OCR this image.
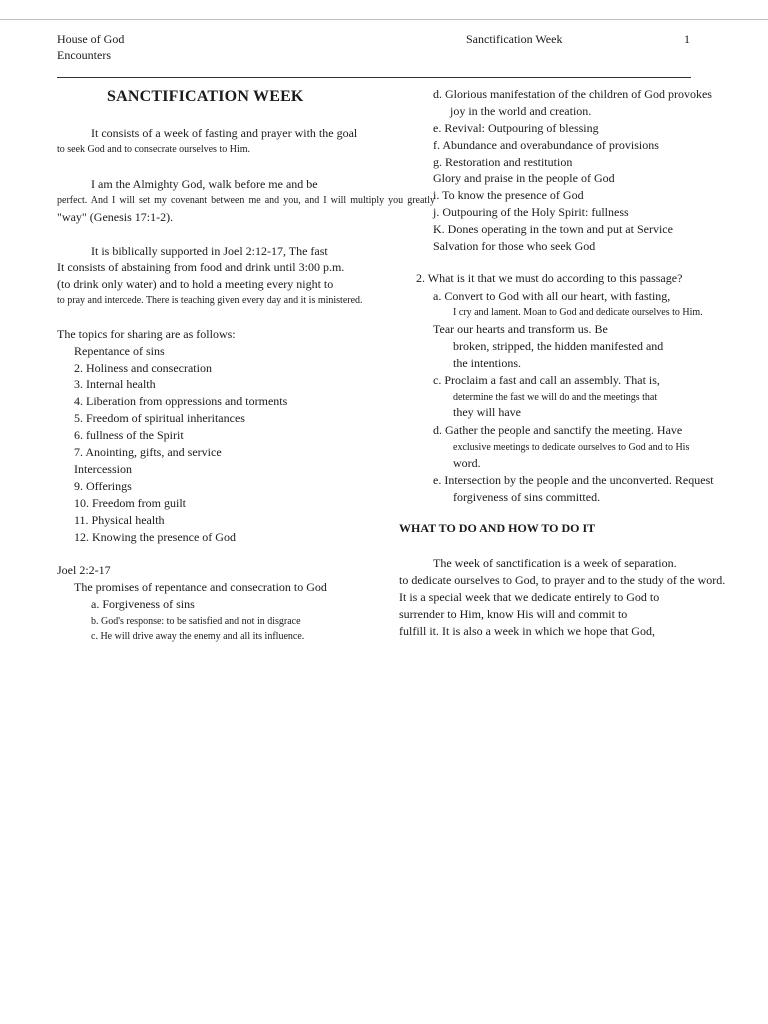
House of God
Encounters
Sanctification Week	1
SANCTIFICATION WEEK
It consists of a week of fasting and prayer with the goal
to seek God and to consecrate ourselves to Him.
I am the Almighty God, walk before me and be
perfect. And I will set my covenant between me and you, and I will multiply you greatly
"way" (Genesis 17:1-2).
It is biblically supported in Joel 2:12-17, The fast
It consists of abstaining from food and drink until 3:00 p.m.
(to drink only water) and to hold a meeting every night to
to pray and intercede. There is teaching given every day and it is ministered.
The topics for sharing are as follows:
Repentance of sins
2. Holiness and consecration
3. Internal health
4. Liberation from oppressions and torments
5. Freedom of spiritual inheritances
6. fullness of the Spirit
7. Anointing, gifts, and service
Intercession
9. Offerings
10. Freedom from guilt
11. Physical health
12. Knowing the presence of God
Joel 2:2-17
The promises of repentance and consecration to God
a. Forgiveness of sins
b. God's response: to be satisfied and not in disgrace
c. He will drive away the enemy and all its influence.
d. Glorious manifestation of the children of God provokes
joy in the world and creation.
e. Revival: Outpouring of blessing
f. Abundance and overabundance of provisions
g. Restoration and restitution
Glory and praise in the people of God
i. To know the presence of God
j. Outpouring of the Holy Spirit: fullness
K. Dones operating in the town and put at Service
Salvation for those who seek God
2. What is it that we must do according to this passage?
a. Convert to God with all our heart, with fasting,
I cry and lament. Moan to God and dedicate ourselves to Him.
Tear our hearts and transform us. Be
broken, stripped, the hidden manifested and
the intentions.
c. Proclaim a fast and call an assembly. That is,
determine the fast we will do and the meetings that
they will have
d. Gather the people and sanctify the meeting. Have
exclusive meetings to dedicate ourselves to God and to His
word.
e. Intersection by the people and the unconverted. Request
forgiveness of sins committed.
WHAT TO DO AND HOW TO DO IT
The week of sanctification is a week of separation.
to dedicate ourselves to God, to prayer and to the study of the word.
It is a special week that we dedicate entirely to God to
surrender to Him, know His will and commit to
fulfill it. It is also a week in which we hope that God,
